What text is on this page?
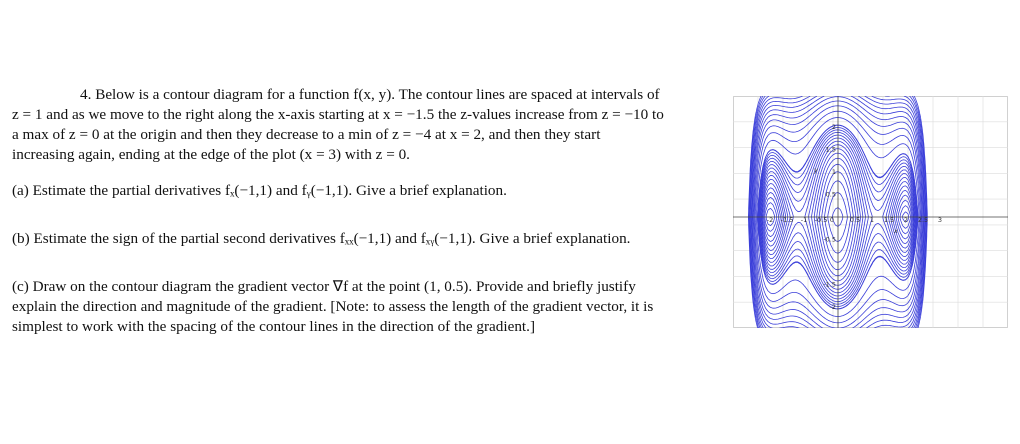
4. Below is a contour diagram for a function f(x, y). The contour lines are spaced at intervals of
z = 1 and as we move to the right along the x-axis starting at x = −1.5 the z-values increase from z = −10 to
a max of z = 0 at the origin and then they decrease to a min of z = −4 at x = 2, and then they start
increasing again, ending at the edge of the plot (x = 3) with z = 0.
(a) Estimate the partial derivatives fₓ(−1,1) and fᵧ(−1,1). Give a brief explanation.
(b) Estimate the sign of the partial second derivatives fₓₓ(−1,1) and fₓᵧ(−1,1). Give a brief explanation.
(c) Draw on the contour diagram the gradient vector ∇f at the point (1, 0.5). Provide and briefly justify
explain the direction and magnitude of the gradient. [Note: to assess the length of the gradient vector, it is
simplest to work with the spacing of the contour lines in the direction of the gradient.]
-2 -1.5 -1 -0.5 0 0.5 1 1.5 2 2.5 3
2
1.5
1
0.5
-0.5
-1.5
-2
x
y
